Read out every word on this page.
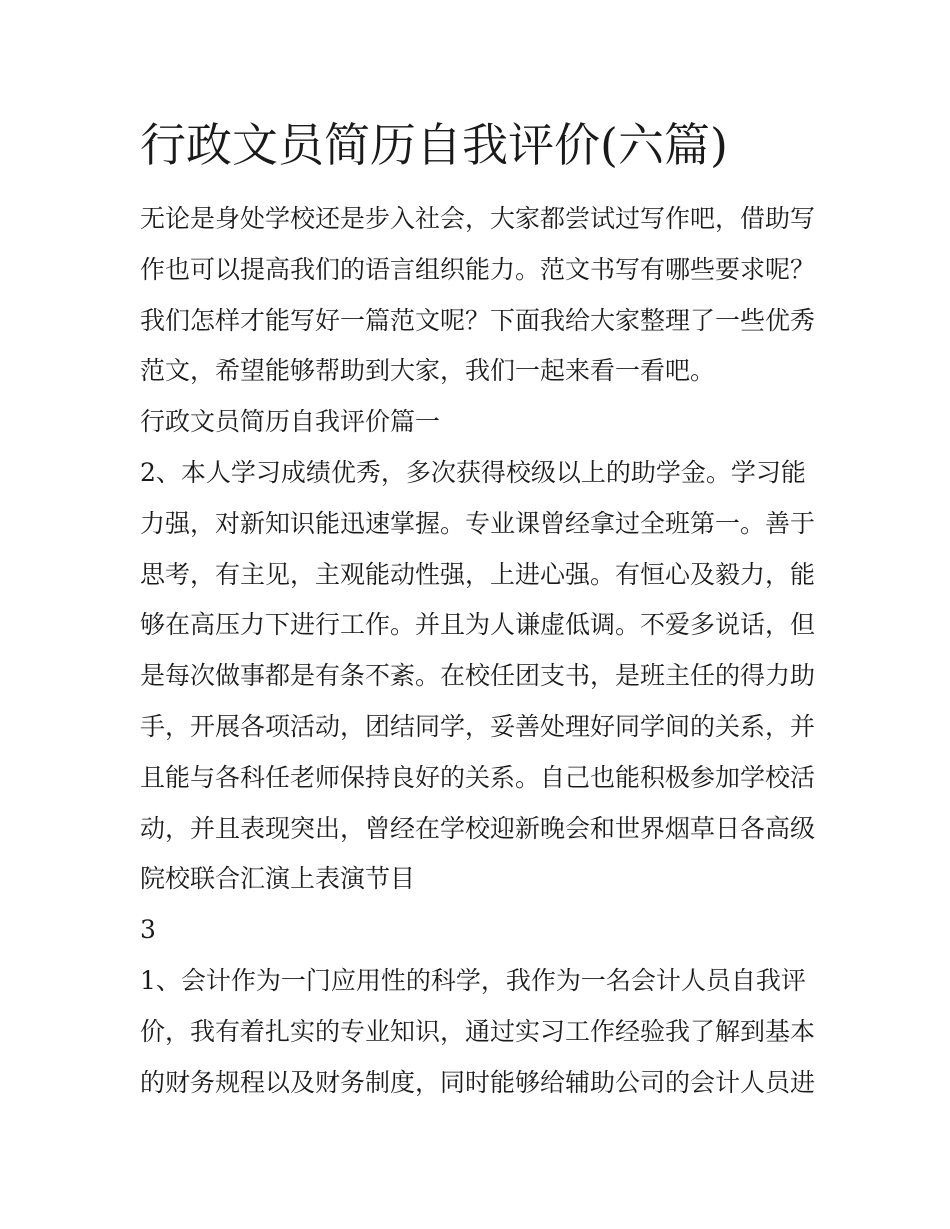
行政文员简历自我评价(六篇)
无论是身处学校还是步入社会，大家都尝试过写作吧，借助写
作也可以提高我们的语言组织能力。范文书写有哪些要求呢？
我们怎样才能写好一篇范文呢？下面我给大家整理了一些优秀
范文，希望能够帮助到大家，我们一起来看一看吧。
行政文员简历自我评价篇一
2、本人学习成绩优秀，多次获得校级以上的助学金。学习能
力强，对新知识能迅速掌握。专业课曾经拿过全班第一。善于
思考，有主见，主观能动性强，上进心强。有恒心及毅力，能
够在高压力下进行工作。并且为人谦虚低调。不爱多说话，但
是每次做事都是有条不紊。在校任团支书，是班主任的得力助
手，开展各项活动，团结同学，妥善处理好同学间的关系，并
且能与各科任老师保持良好的关系。自己也能积极参加学校活
动，并且表现突出，曾经在学校迎新晚会和世界烟草日各高级
院校联合汇演上表演节目
3
1、会计作为一门应用性的科学，我作为一名会计人员自我评
价，我有着扎实的专业知识，通过实习工作经验我了解到基本
的财务规程以及财务制度，同时能够给辅助公司的会计人员进
